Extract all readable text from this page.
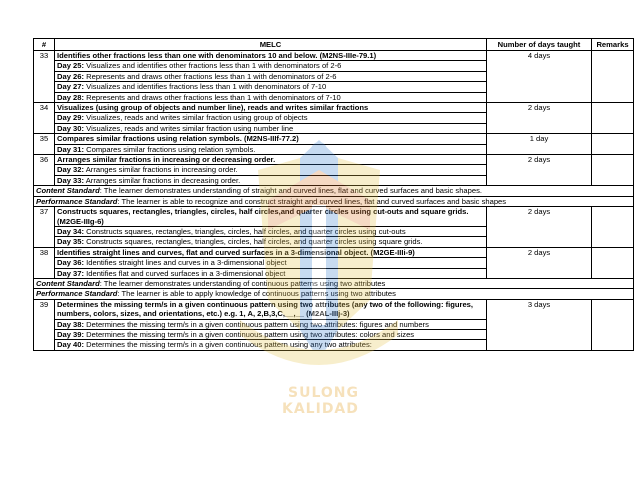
#	MELC	Number of days taught	Remarks
33	Identifies other fractions less than one with denominators 10 and below. (M2NS-IIIe-79.1)	4 days	
	Day 25: Visualizes and identifies other fractions less than 1 with denominators of 2-6		
	Day 26: Represents and draws other fractions less than 1 with denominators of 2-6		
	Day 27: Visualizes and identifies fractions less than 1 with denominators of 7-10		
	Day 28: Represents and draws other fractions less than 1 with denominators of 7-10		
34	Visualizes (using group of objects and number line), reads and writes similar fractions	2 days	
	Day 29: Visualizes, reads and writes similar fraction using group of objects		
	Day 30: Visualizes, reads and writes similar fraction using number line		
35	Compares similar fractions using relation symbols. (M2NS-IIIf-77.2)	1 day	
	Day 31: Compares similar fractions using relation symbols.		
36	Arranges similar fractions in increasing or decreasing order.	2 days	
	Day 32: Arranges similar fractions in increasing order.		
	Day 33: Arranges similar fractions in decreasing order.		
Content Standard: The learner demonstrates understanding of straight and curved lines, flat and curved surfaces and basic shapes.			
Performance Standard: The learner is able to recognize and construct straight and curved lines, flat and curved surfaces and basic shapes			
37	Constructs squares, rectangles, triangles, circles, half circles,and quarter circles using cut-outs and square grids. (M2GE-IIIg-6)	2 days	
	Day 34: Constructs squares, rectangles, triangles, circles, half circles, and quarter circles using cut-outs		
	Day 35: Constructs squares, rectangles, triangles, circles, half circles, and quarter circles using square grids.		
38	Identifies straight lines and curves, flat and curved surfaces in a 3-dimensional object. (M2GE-IIIi-9)	2 days	
	Day 36: Identifies straight lines and curves in a 3-dimensional object		
	Day 37: Identifies flat and curved surfaces in a 3-dimensional object		
Content Standard: The learner demonstrates understanding of continuous patterns using two attributes			
Performance Standard: The learner is able to apply knowledge of continuous patterns using two attributes			
39	Determines the missing term/s in a given continuous pattern using two attributes (any two of the following: figures, numbers, colors, sizes, and orientations, etc.) e.g. 1, A, 2,B,3,C,__,__ (M2AL-IIIj-3)	3 days	
	Day 38: Determines the missing term/s in a given continuous pattern using two attributes: figures and numbers		
	Day 39: Determines the missing term/s in a given continuous pattern using two attributes: colors and sizes		
	Day 40: Determines the missing term/s in a given continuous pattern using any two attributes:		
SULONG
KALIDAD
